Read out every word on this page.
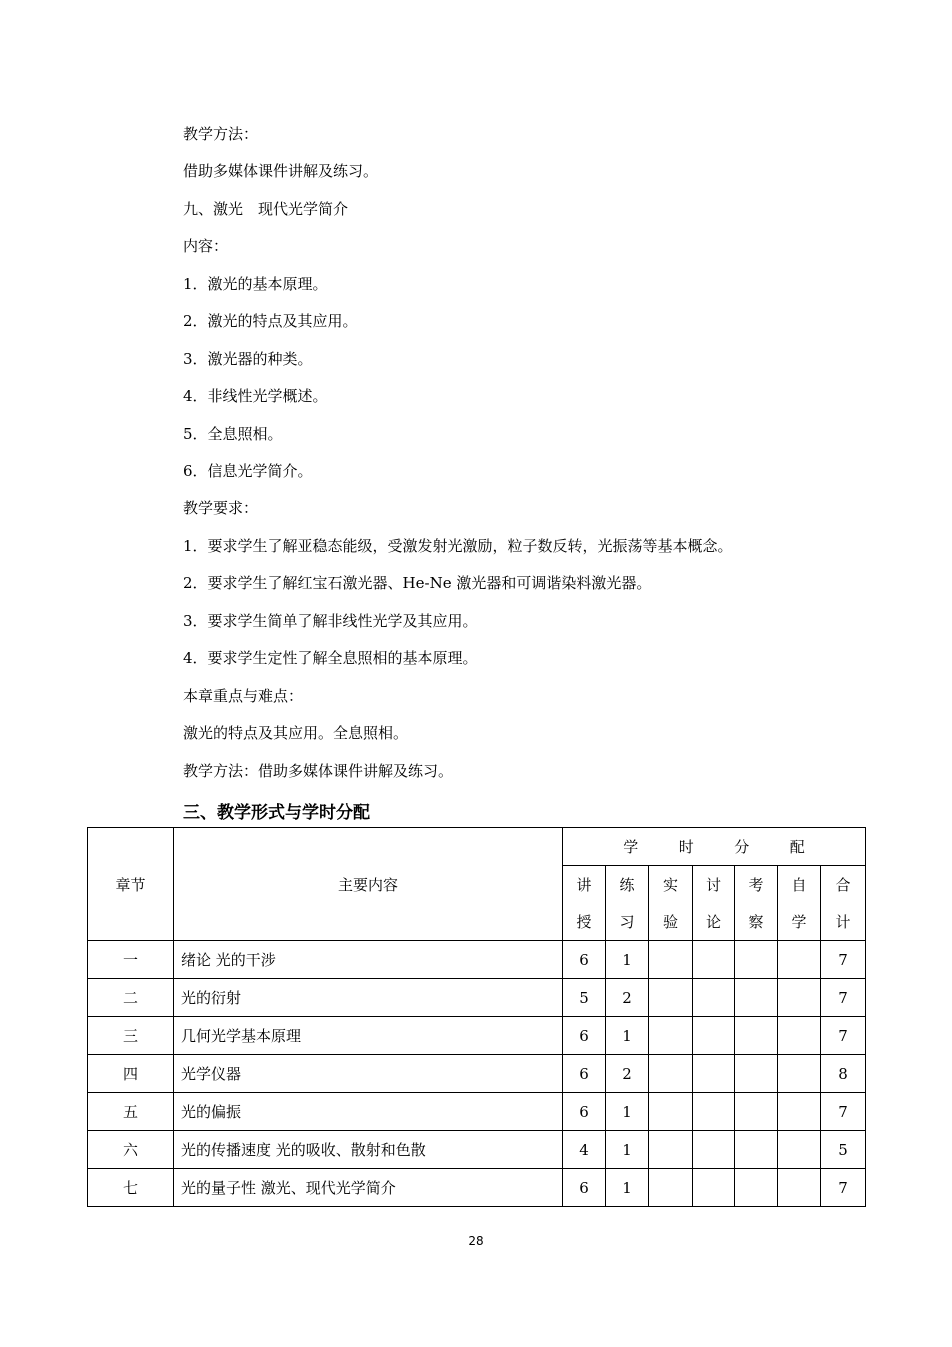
教学方法：
借助多媒体课件讲解及练习。
九、激光　现代光学简介
内容：
1．激光的基本原理。
2．激光的特点及其应用。
3．激光器的种类。
4．非线性光学概述。
5．全息照相。
6．信息光学简介。
教学要求：
1．要求学生了解亚稳态能级，受激发射光激励，粒子数反转，光振荡等基本概念。
2．要求学生了解红宝石激光器、He-Ne 激光器和可调谐染料激光器。
3．要求学生简单了解非线性光学及其应用。
4．要求学生定性了解全息照相的基本原理。
本章重点与难点：
激光的特点及其应用。全息照相。
教学方法：借助多媒体课件讲解及练习。
三、教学形式与学时分配
章节	主要内容	学 时 分 配						

		讲	练	实	讨	考	自	合
		授	习	验	论	察	学	计
一	绪论 光的干涉	6	1					7
二	光的衍射	5	2					7
三	几何光学基本原理	6	1					7
四	光学仪器	6	2					8
五	光的偏振	6	1					7
六	光的传播速度 光的吸收、散射和色散	4	1					5
七	光的量子性 激光、现代光学简介	6	1					7
28
